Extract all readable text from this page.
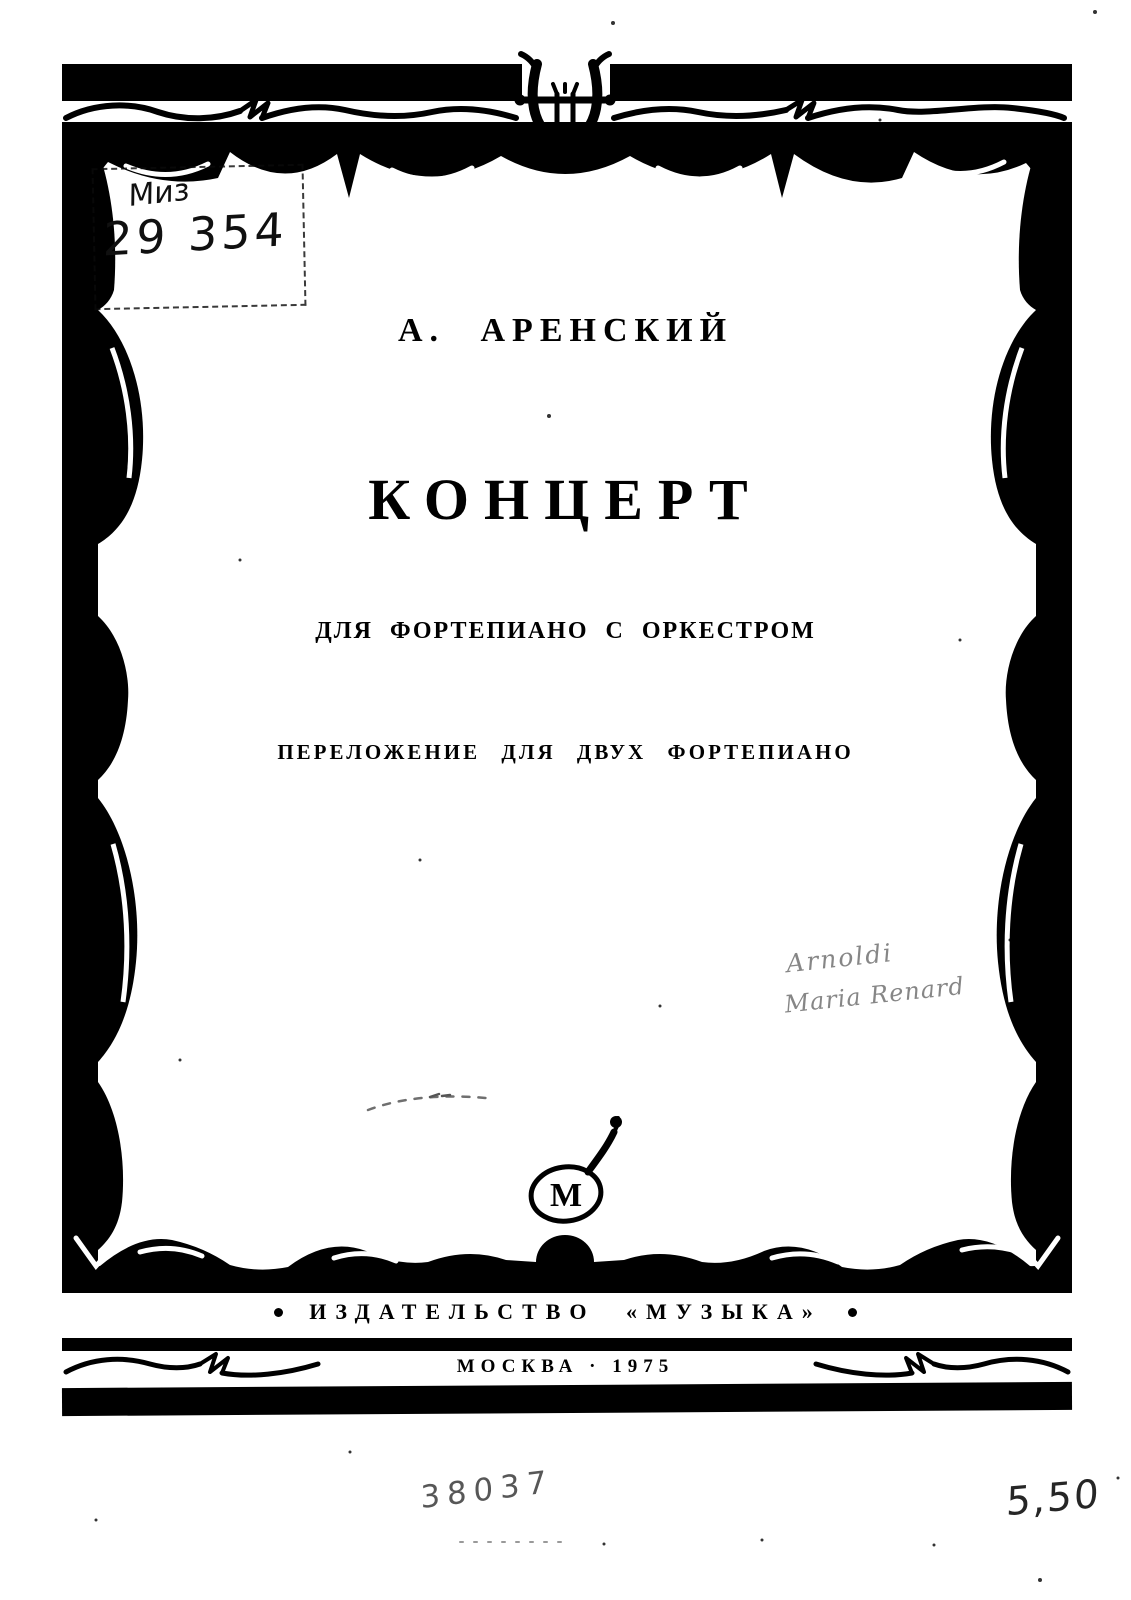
М
Миз
29 354
А. АРЕНСКИЙ
КОНЦЕРТ
ДЛЯ ФОРТЕПИАНО С ОРКЕСТРОМ
ПЕРЕЛОЖЕНИЕ ДЛЯ ДВУХ ФОРТЕПИАНО
Arnoldi
Maria Renard
ИЗДАТЕЛЬСТВО «МУЗЫКА»
МОСКВА · 1975
38037	5,50
